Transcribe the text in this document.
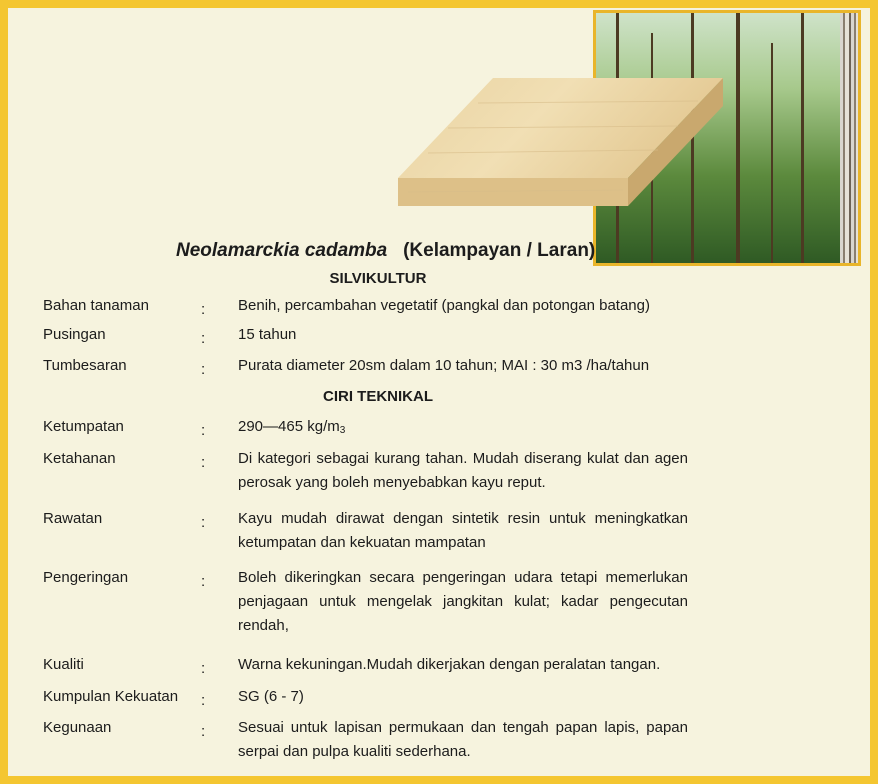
Neolamarckia cadamba (Kelampayan / Laran)
SILVIKULTUR
Bahan tanaman	: Benih, percambahan vegetatif (pangkal dan potongan batang)
Pusingan	: 15 tahun
Tumbesaran	: Purata diameter 20sm dalam 10 tahun; MAI : 30 m3 /ha/tahun
CIRI TEKNIKAL
Ketumpatan	: 290—465 $kg/m_3$
Ketahanan	: Di kategori sebagai kurang tahan. Mudah diserang kulat dan agen perosak yang boleh menyebabkan kayu reput.
Rawatan	: Kayu mudah dirawat dengan sintetik resin untuk meningkatkan ketumpatan dan kekuatan mampatan
Pengeringan	: Boleh dikeringkan secara pengeringan udara tetapi memerlukan penjagaan untuk mengelak jangkitan kulat; kadar pengecutan rendah,
Kualiti	: Warna kekuningan.Mudah dikerjakan dengan peralatan tangan.
Kumpulan Kekuatan	: SG (6 - 7)
Kegunaan	: Sesuai untuk lapisan permukaan dan tengah papan lapis, papan serpai dan pulpa kualiti sederhana.
